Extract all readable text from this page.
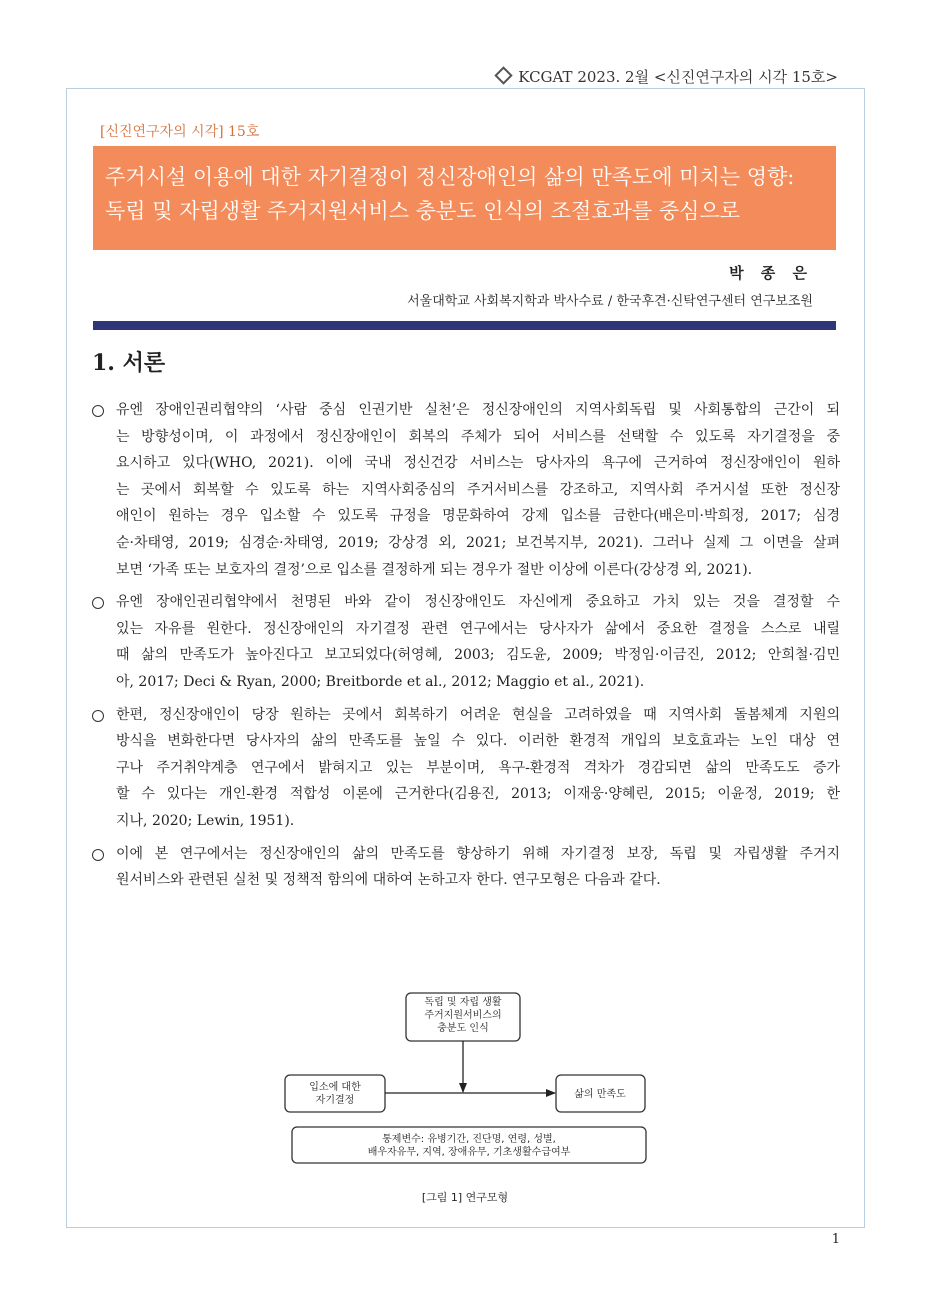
KCGAT 2023. 2월 <신진연구자의 시각 15호>
[신진연구자의 시각] 15호
주거시설 이용에 대한 자기결정이 정신장애인의 삶의 만족도에 미치는 영향:
독립 및 자립생활 주거지원서비스 충분도 인식의 조절효과를 중심으로
박 종 은
서울대학교 사회복지학과 박사수료 / 한국후견·신탁연구센터 연구보조원
1. 서론
유엔 장애인권리협약의 ‘사람 중심 인권기반 실천’은 정신장애인의 지역사회독립 및 사회통합의 근간이 되
는 방향성이며, 이 과정에서 정신장애인이 회복의 주체가 되어 서비스를 선택할 수 있도록 자기결정을 중
요시하고 있다(WHO, 2021). 이에 국내 정신건강 서비스는 당사자의 욕구에 근거하여 정신장애인이 원하
는 곳에서 회복할 수 있도록 하는 지역사회중심의 주거서비스를 강조하고, 지역사회 주거시설 또한 정신장
애인이 원하는 경우 입소할 수 있도록 규정을 명문화하여 강제 입소를 금한다(배은미·박희정, 2017; 심경
순·차태영, 2019; 심경순·차태영, 2019; 강상경 외, 2021; 보건복지부, 2021). 그러나 실제 그 이면을 살펴
보면 ‘가족 또는 보호자의 결정’으로 입소를 결정하게 되는 경우가 절반 이상에 이른다(강상경 외, 2021).
유엔 장애인권리협약에서 천명된 바와 같이 정신장애인도 자신에게 중요하고 가치 있는 것을 결정할 수
있는 자유를 원한다. 정신장애인의 자기결정 관련 연구에서는 당사자가 삶에서 중요한 결정을 스스로 내릴
때 삶의 만족도가 높아진다고 보고되었다(허영혜, 2003; 김도윤, 2009; 박정임·이금진, 2012; 안희철·김민
아, 2017; Deci & Ryan, 2000; Breitborde et al., 2012; Maggio et al., 2021).
한편, 정신장애인이 당장 원하는 곳에서 회복하기 어려운 현실을 고려하였을 때 지역사회 돌봄체계 지원의
방식을 변화한다면 당사자의 삶의 만족도를 높일 수 있다. 이러한 환경적 개입의 보호효과는 노인 대상 연
구나 주거취약계층 연구에서 밝혀지고 있는 부분이며, 욕구-환경적 격차가 경감되면 삶의 만족도도 증가
할 수 있다는 개인-환경 적합성 이론에 근거한다(김용진, 2013; 이재웅·양혜린, 2015; 이윤정, 2019; 한
지나, 2020; Lewin, 1951).
이에 본 연구에서는 정신장애인의 삶의 만족도를 향상하기 위해 자기결정 보장, 독립 및 자립생활 주거지
원서비스와 관련된 실천 및 정책적 함의에 대하여 논하고자 한다. 연구모형은 다음과 같다.
독립 및 자립 생활
주거지원서비스의
충분도 인식
입소에 대한
자기결정
삶의 만족도
통제변수: 유병기간, 진단명, 연령, 성별,
배우자유무, 지역, 장애유무, 기초생활수급여부
[그림 1] 연구모형
1
